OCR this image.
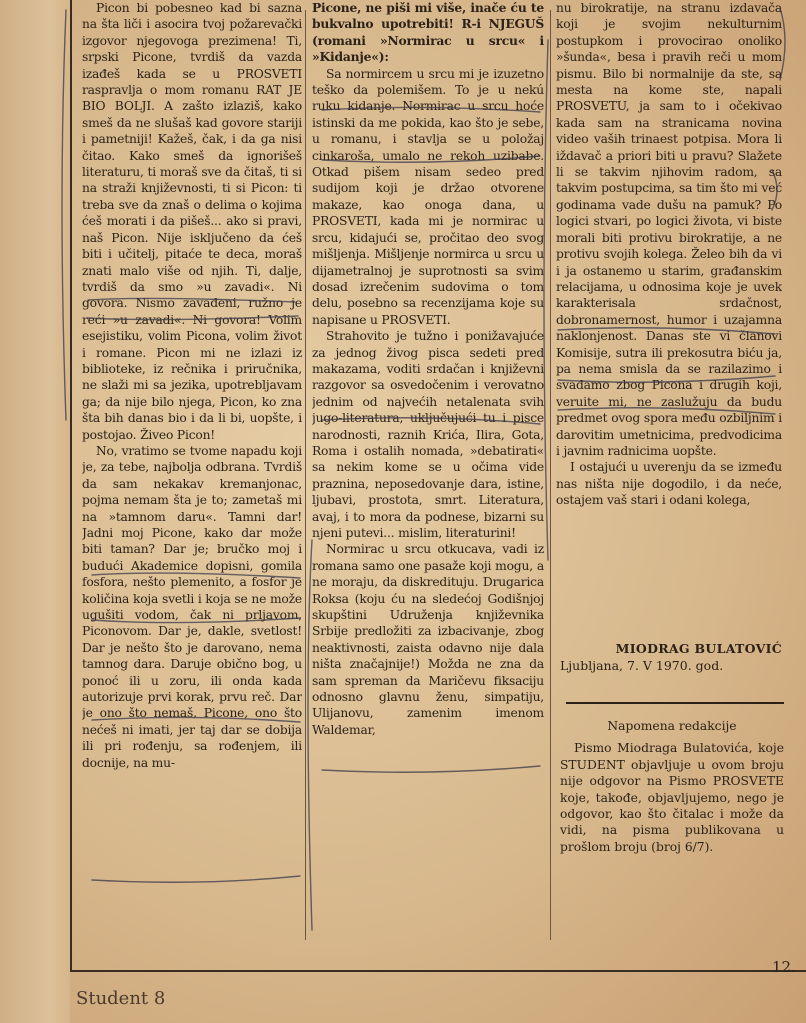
Picon bi pobesneo kad bi sazna na šta liči i asocira tvoj požarevački izgovor njegovoga prezimena! Ti, srpski Picone, tvrdiš da vazda izađeš kada se u PROSVETI raspravlja o mom romanu RAT JE BIO BOLJI. A zašto izlaziš, kako smeš da ne slušaš kad govore stariji i pametniji! Kažeš, čak, i da ga nisi čitao. Kako smeš da ignorišeš literaturu, ti moraš sve da čitaš, ti si na straži književnosti, ti si Picon: ti treba sve da znaš o delima o kojima ćeš morati i da pišeš... ako si pravi, naš Picon. Nije isključeno da ćeš biti i učitelj, pitaće te deca, moraš znati malo više od njih. Ti, dalje, tvrdiš da smo »u zavadi«. Ni govora. Nismo zavađeni, ružno je reći »u zavadi«. Ni govora! Volim esejistiku, volim Picona, volim život i romane. Picon mi ne izlazi iz biblioteke, iz rečnika i priručnika, ne slaži mi sa jezika, upotrebljavam ga; da nije bilo njega, Picon, ko zna šta bih danas bio i da li bi, uopšte, i postojao. Živeo Picon!

No, vratimo se tvome napadu koji je, za tebe, najbolja odbrana. Tvrdiš da sam nekakav kremanjonac, pojma nemam šta je to; zametaš mi na »tamnom daru«. Tamni dar! Jadni moj Picone, kako dar može biti taman? Dar je; bručko moj i budući Akademice dopisni, gomila fosfora, nešto plemenito, a fosfor je količina koja svetli i koja se ne može ugušiti vodom, čak ni prljavom, Piconovom. Dar je, dakle, svetlost! Dar je nešto što je darovano, nema tamnog dara. Daruje obično bog, u ponoć ili u zoru, ili onda kada autorizuje prvi korak, prvu reč. Dar je ono što nemaš, Picone, ono što nećeš ni imati, jer taj dar se dobija ili pri rođenju, sa rođenjem, ili docnije, na mu-

Picone, ne piši mi više, inače ću te bukvalno upotrebiti! R-i NJEGUŠ (romani »Normirac u srcu« i »Kidanje«):

Sa normircem u srcu mi je izuzetno teško da polemišem. To je u nekú ruku kidanje. Normirac u srcu hoće istinski da me pokida, kao što je sebe, u romanu, i stavlja se u položaj cinkaroša, umalo ne rekoh uzibabe. Otkad pišem nisam sedeo pred sudijom koji je držao otvorene makaze, kao onoga dana, u PROSVETI, kada mi je normirac u srcu, kidajući se, pročitao deo svog mišljenja. Mišljenje normirca u srcu u dijametralnoj je suprotnosti sa svim dosad izrečenim sudovima o tom delu, posebno sa recenzijama koje su napisane u PROSVETI.

Strahovito je tužno i ponižavajuće za jednog živog pisca sedeti pred makazama, voditi srdačan i književni razgovor sa osvedočenim i verovatno jednim od najvećih netalenata svih jugo-literatura, uključujući tu i pisce narodnosti, raznih Krića, Ilira, Gota, Roma i ostalih nomada, »debatirati« sa nekim kome se u očima vide praznina, neposedovanje dara, istine, ljubavi, prostota, smrt. Literatura, avaj, i to mora da podnese, bizarni su njeni putevi... mislim, literaturini!

Normirac u srcu otkucava, vadi iz romana samo one pasaže koji mogu, a ne moraju, da diskredituju. Drugarica Roksa (koju ću na sledećoj Godišnjoj skupštini Udruženja književnika Srbije predložiti za izbacivanje, zbog neaktivnosti, zaista odavno nije dala ništa značajnije!) Možda ne zna da sam spreman da Maričevu fiksaciju odnosno glavnu ženu, simpatiju, Ulijanovu, zamenim imenom Waldemar,

nu birokratije, na stranu izdavača koji je svojim nekulturnim postupkom i provocirao onoliko »šunda«, besa i pravih reči u mom pismu. Bilo bi normalnije da ste, sa mesta na kome ste, napali PROSVETU, ja sam to i očekivao kada sam na stranicama novina video vaših trinaest potpisa. Mora li iždavač a priori biti u pravu? Slažete li se takvim njihovim radom, sa takvim postupcima, sa tim što mi već godinama vade dušu na pamuk? Po logici stvari, po logici života, vi biste morali biti protivu birokratije, a ne protivu svojih kolega. Želeo bih da vi i ja ostanemo u starim, građanskim relacijama, u odnosima koje je uvek karakterisala srdačnost, dobronamernost, humor i uzajamna naklonjenost. Danas ste vi članovi Komisije, sutra ili prekosutra biću ja, pa nema smisla da se razilazimo i svađamo zbog Picona i drugih koji, veruite mi, ne zaslužuju da budu predmet ovog spora među ozbiljnim i darovitim umetnicima, predvodicima i javnim radnicima uopšte.

I ostajući u uverenju da se između nas ništa nije dogodilo, i da neće, ostajem vaš stari i odani kolega,

MIODRAG BULATOVIĆ
Ljubljana, 7. V 1970. god.
Napomena redakcije

Pismo Miodraga Bulatovića, koje STUDENT objavljuje u ovom broju nije odgovor na Pismo PROSVETE koje, takođe, objavljujemo, nego je odgovor, kao što čitalac i može da vidi, na pisma publikovana u prošlom broju (broj 6/7).

12.
Student 8
